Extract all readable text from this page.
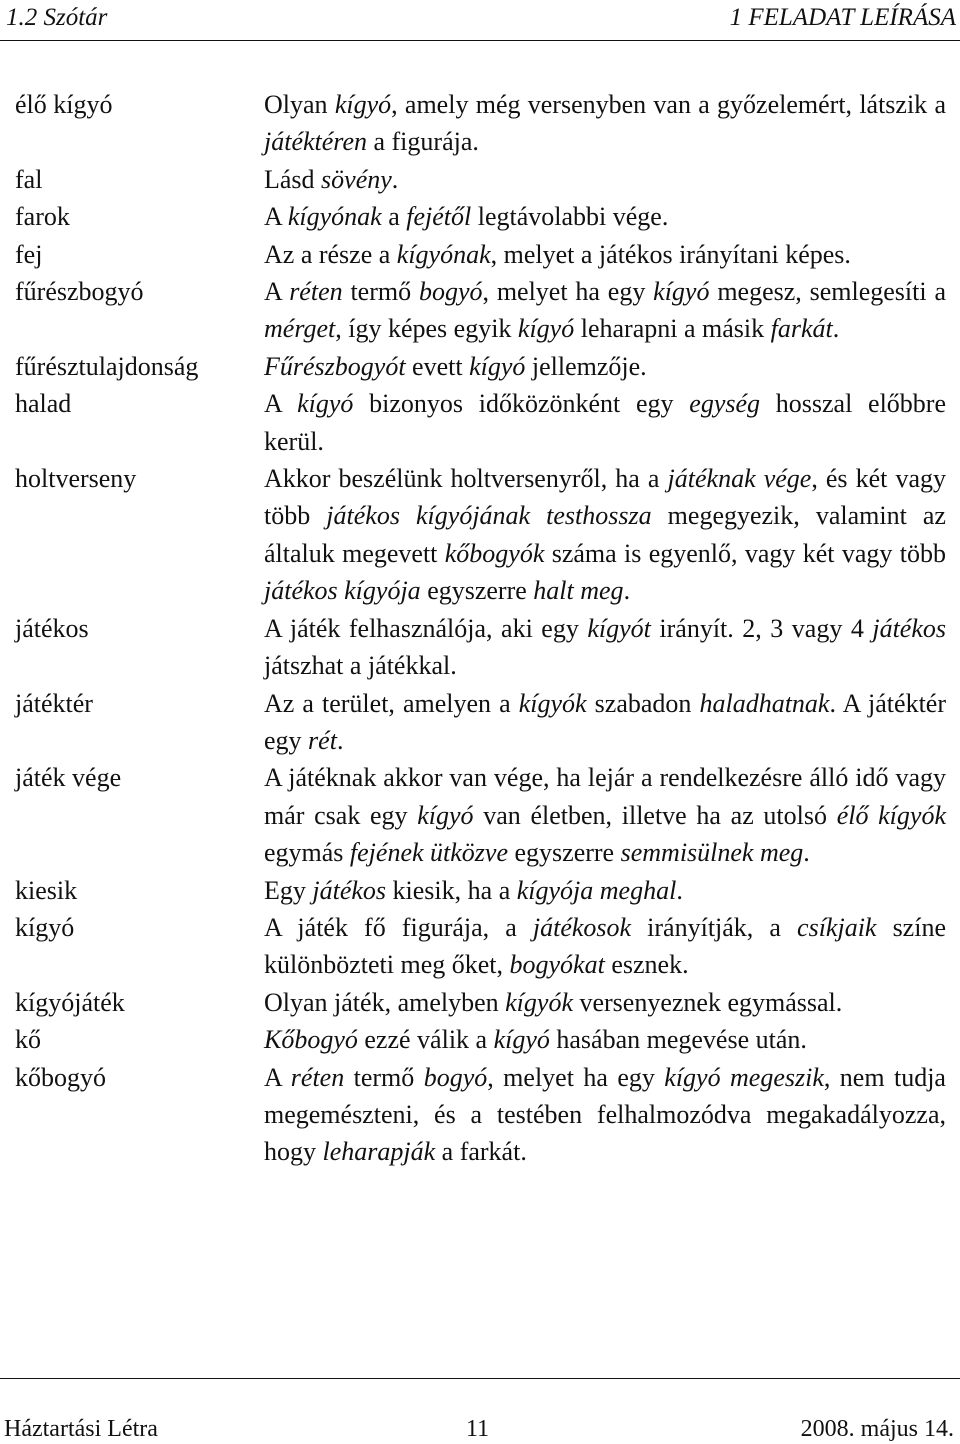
1.2 Szótár	1 FELADAT LEÍRÁSA
élő kígyó	Olyan kígyó, amely még versenyben van a győzelemért, látszik a játéktéren a figurája.
fal	Lásd sövény.
farok	A kígyónak a fejétől legtávolabbi vége.
fej	Az a része a kígyónak, melyet a játékos irányítani képes.
fűrészbogyó	A réten termő bogyó, melyet ha egy kígyó megesz, semlegesíti a mérget, így képes egyik kígyó leharapni a másik farkát.
fűrésztulajdonság	Fűrészbogyót evett kígyó jellemzője.
halad	A kígyó bizonyos időközönként egy egység hosszal előbbre kerül.
holtverseny	Akkor beszélünk holtversenyről, ha a játéknak vége, és két vagy több játékos kígyójának testhossza megegyezik, valamint az általuk megevett kőbogyók száma is egyenlő, vagy két vagy több játékos kígyója egyszerre halt meg.
játékos	A játék felhasználója, aki egy kígyót irányít. 2, 3 vagy 4 játékos játszhat a játékkal.
játéktér	Az a terület, amelyen a kígyók szabadon haladhatnak. A játéktér egy rét.
játék vége	A játéknak akkor van vége, ha lejár a rendelkezésre álló idő vagy már csak egy kígyó van életben, illetve ha az utolsó élő kígyók egymás fejének ütközve egyszerre semmisülnek meg.
kiesik	Egy játékos kiesik, ha a kígyója meghal.
kígyó	A játék fő figurája, a játékosok irányítják, a csíkjaik színe különbözteti meg őket, bogyókat esznek.
kígyójáték	Olyan játék, amelyben kígyók versenyeznek egymással.
kő	Kőbogyó ezzé válik a kígyó hasában megevése után.
kőbogyó	A réten termő bogyó, melyet ha egy kígyó megeszik, nem tudja megemészteni, és a testében felhalmozódva megakadályozza, hogy leharapják a farkát.
Háztartási Létra	11	2008. május 14.
